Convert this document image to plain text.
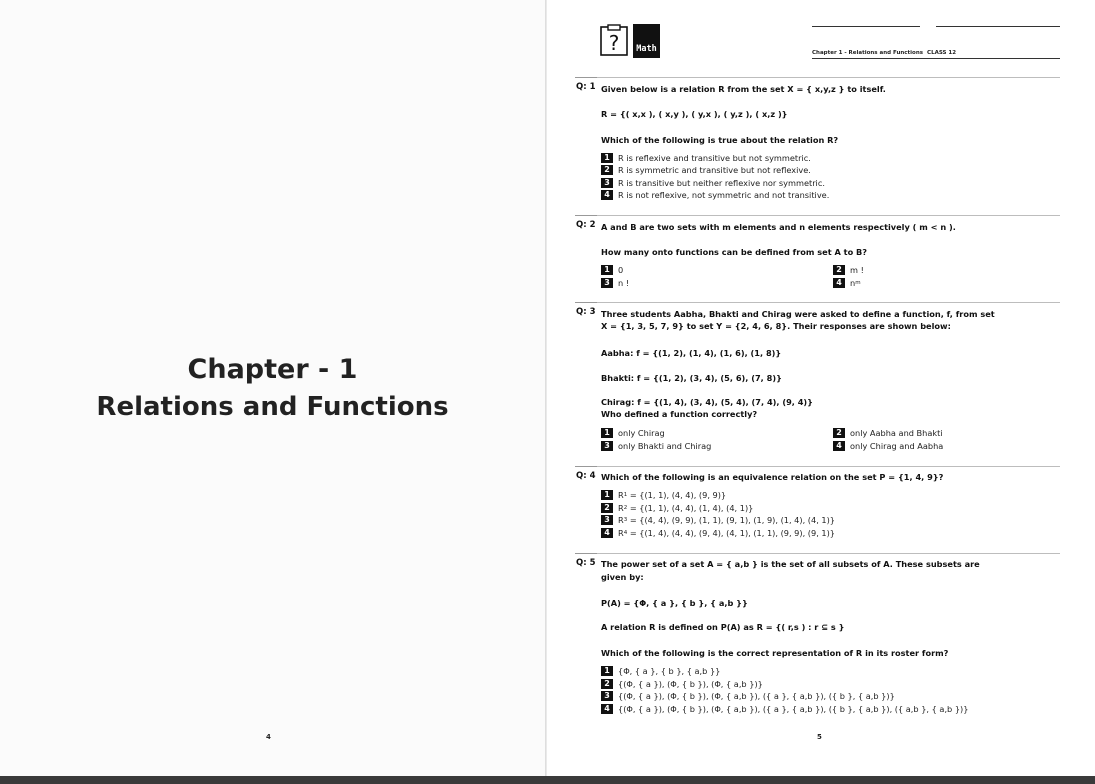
Chapter - 1
Relations and Functions
4
?	Math	Chapter 1 - Relations and Functions CLASS 12
Q: 1 Given below is a relation R from the set X = { x,y,z } to itself.
R = {( x,x ), ( x,y ), ( y,x ), ( y,z ), ( x,z )}
Which of the following is true about the relation R?
1	R is reflexive and transitive but not symmetric.
2	R is symmetric and transitive but not reflexive.
3	R is transitive but neither reflexive nor symmetric.
4	R is not reflexive, not symmetric and not transitive.
Q: 2 A and B are two sets with m elements and n elements respectively ( m < n ).
How many onto functions can be defined from set A to B?
1	0	2	m !
3	n !	4	n m
Q: 3 Three students Aabha, Bhakti and Chirag were asked to define a function, f, from set
X = {1, 3, 5, 7, 9} to set Y = {2, 4, 6, 8}. Their responses are shown below:
Aabha: f = {(1, 2), (1, 4), (1, 6), (1, 8)}
Bhakti: f = {(1, 2), (3, 4), (5, 6), (7, 8)}
Chirag: f = {(1, 4), (3, 4), (5, 4), (7, 4), (9, 4)}
Who defined a function correctly?
1	only Chirag	2	only Aabha and Bhakti
3	only Bhakti and Chirag	4	only Chirag and Aabha
Q: 4 Which of the following is an equivalence relation on the set P = {1, 4, 9}?
1	R 1
= {(1, 1), (4, 4), (9, 9)}
2	R 2
= {(1, 1), (4, 4), (1, 4), (4, 1)}
3	R 3
= {(4, 4), (9, 9), (1, 1), (9, 1), (1, 9), (1, 4), (4, 1)}
4	R 4
= {(1, 4), (4, 4), (9, 4), (4, 1), (1, 1), (9, 9), (9, 1)}
Q: 5 The power set of a set A = { a,b } is the set of all subsets of A. These subsets are
given by:
P(A) = {Φ, { a }, { b }, { a,b }}
A relation R is defined on P(A) as R = {( r,s ) : r ⊆ s }
Which of the following is the correct representation of R in its roster form?
1	{Φ, { a }, { b }, { a,b }}
2	{(Φ, { a }), (Φ, { b }), (Φ, { a,b })}
3	{(Φ, { a }), (Φ, { b }), (Φ, { a,b }), ({ a }, { a,b }), ({ b }, { a,b })}
4	{(Φ, { a }), (Φ, { b }), (Φ, { a,b }), ({ a }, { a,b }), ({ b }, { a,b }), ({ a,b }, { a,b })}
5
